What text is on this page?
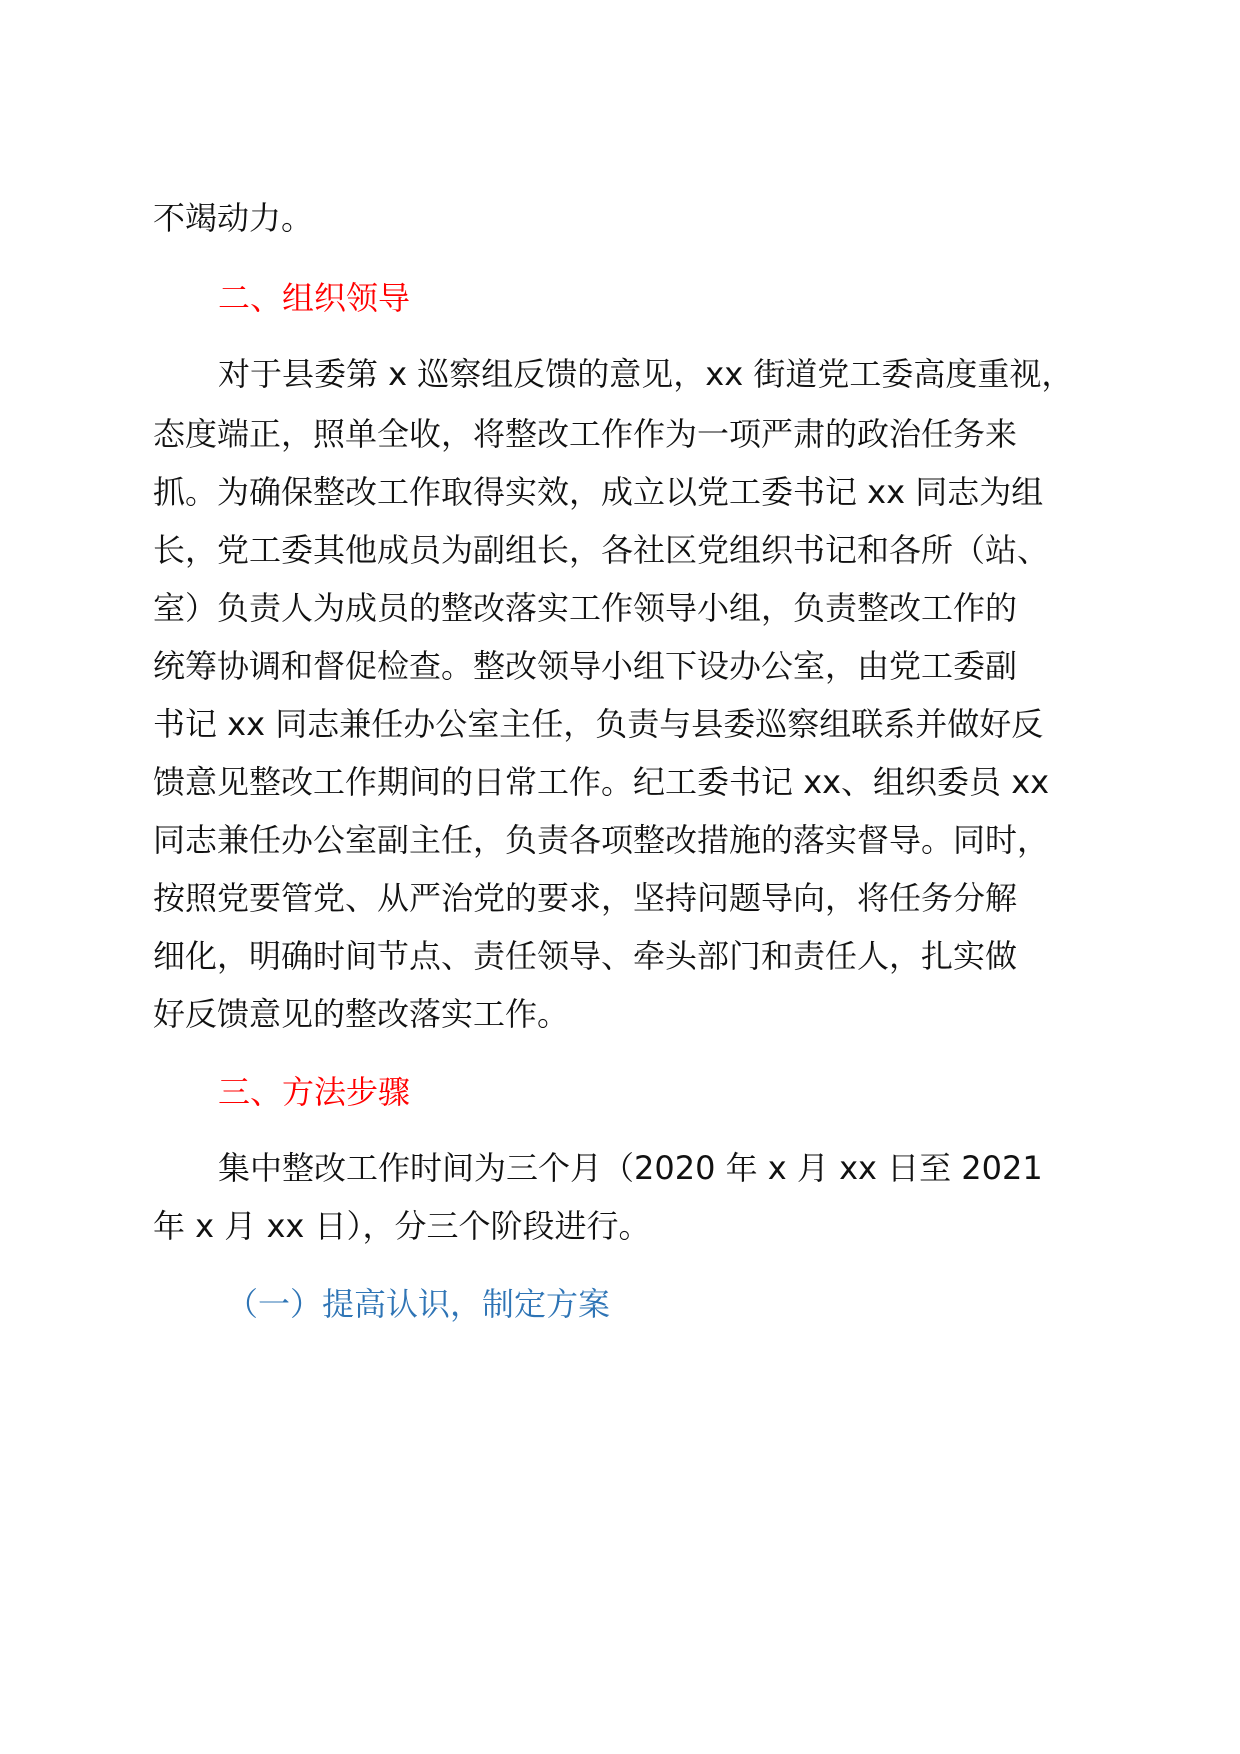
不竭动力。
二、组织领导
对于县委第 x 巡察组反馈的意见，xx 街道党工委高度重视，
态度端正，照单全收，将整改工作作为一项严肃的政治任务来
抓。为确保整改工作取得实效，成立以党工委书记 xx 同志为组
长，党工委其他成员为副组长，各社区党组织书记和各所（站、
室）负责人为成员的整改落实工作领导小组，负责整改工作的
统筹协调和督促检查。整改领导小组下设办公室，由党工委副
书记 xx 同志兼任办公室主任，负责与县委巡察组联系并做好反
馈意见整改工作期间的日常工作。纪工委书记 xx、组织委员 xx
同志兼任办公室副主任，负责各项整改措施的落实督导。同时，
按照党要管党、从严治党的要求，坚持问题导向，将任务分解
细化，明确时间节点、责任领导、牵头部门和责任人，扎实做
好反馈意见的整改落实工作。
三、方法步骤
集中整改工作时间为三个月（2020 年 x 月 xx 日至 2021
年 x 月 xx 日），分三个阶段进行。
（一）提高认识，制定方案
